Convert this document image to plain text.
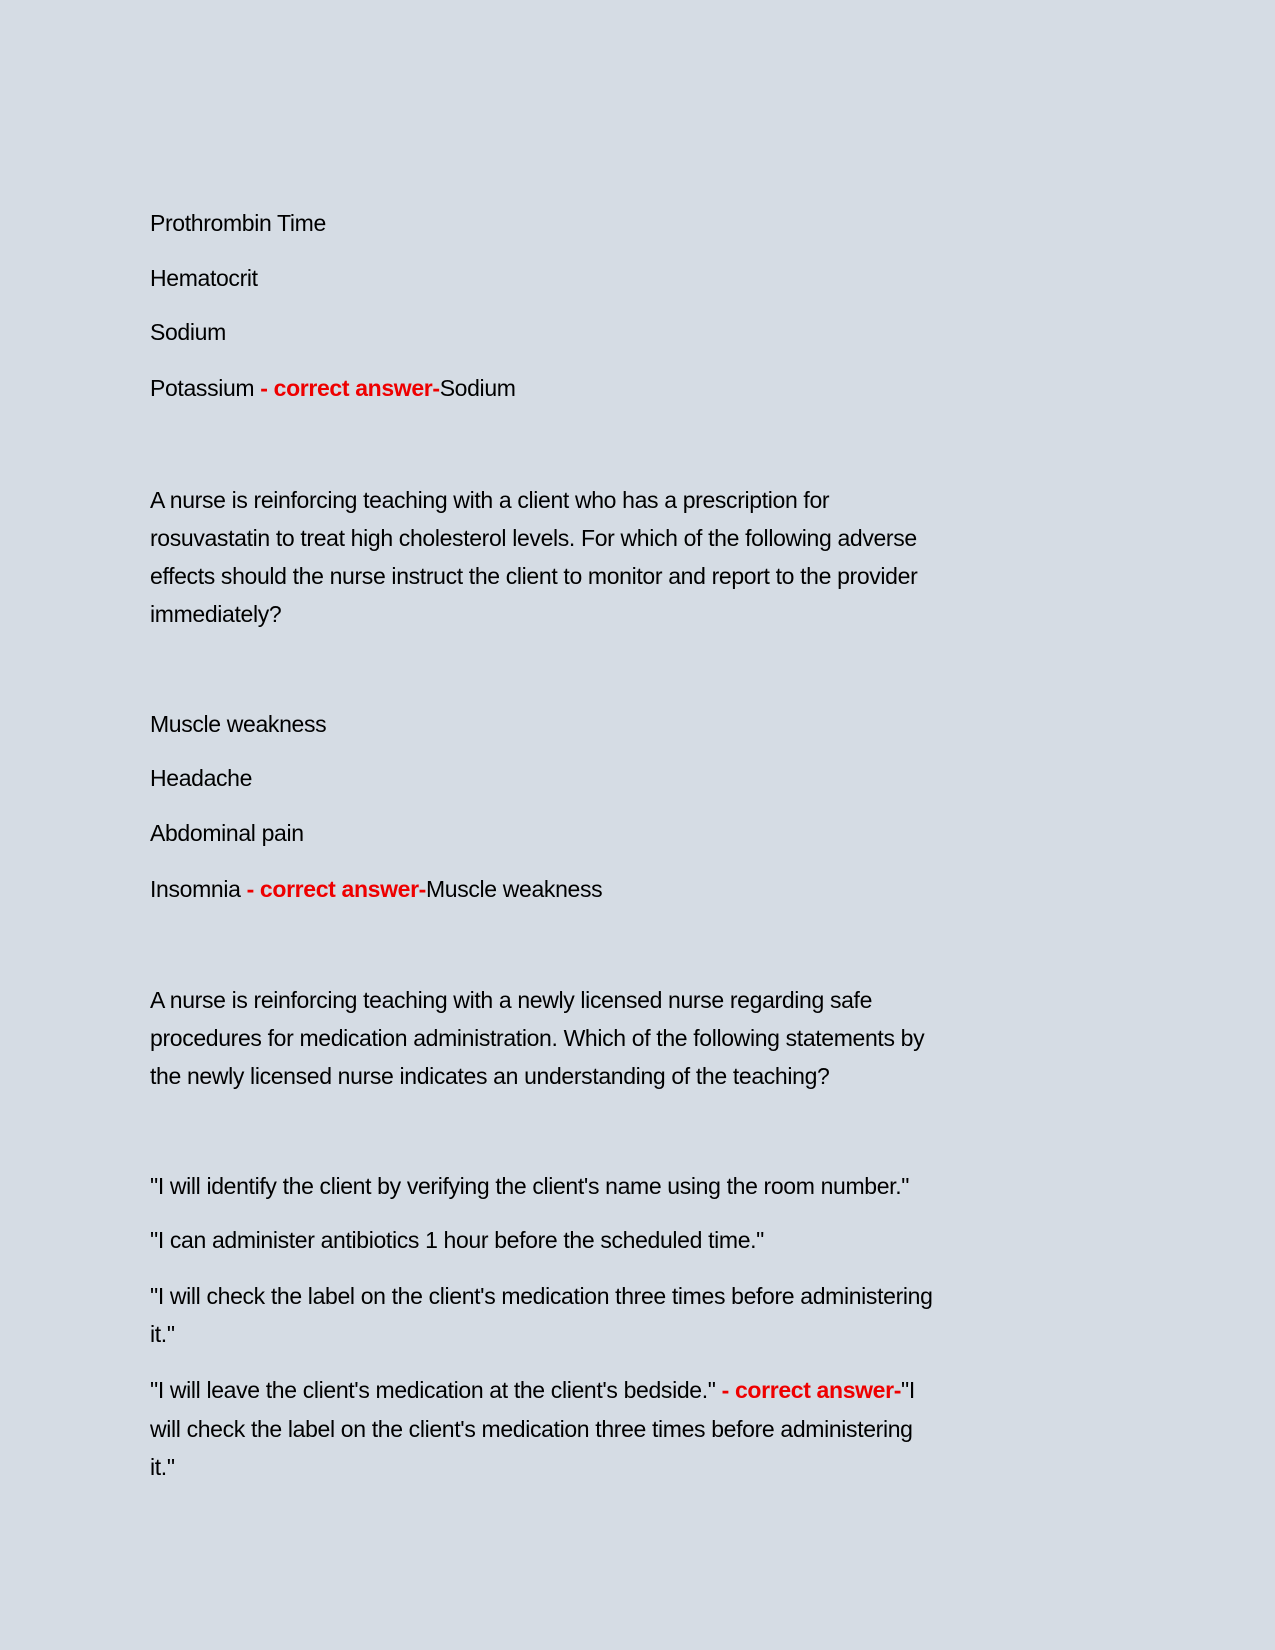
Prothrombin Time
Hematocrit
Sodium
Potassium - correct answer-Sodium
A nurse is reinforcing teaching with a client who has a prescription for
rosuvastatin to treat high cholesterol levels. For which of the following adverse
effects should the nurse instruct the client to monitor and report to the provider
immediately?
Muscle weakness
Headache
Abdominal pain
Insomnia - correct answer-Muscle weakness
A nurse is reinforcing teaching with a newly licensed nurse regarding safe
procedures for medication administration. Which of the following statements by
the newly licensed nurse indicates an understanding of the teaching?
"I will identify the client by verifying the client's name using the room number."
"I can administer antibiotics 1 hour before the scheduled time."
"I will check the label on the client's medication three times before administering
it."
"I will leave the client's medication at the client's bedside." - correct answer-"I
will check the label on the client's medication three times before administering
it."
